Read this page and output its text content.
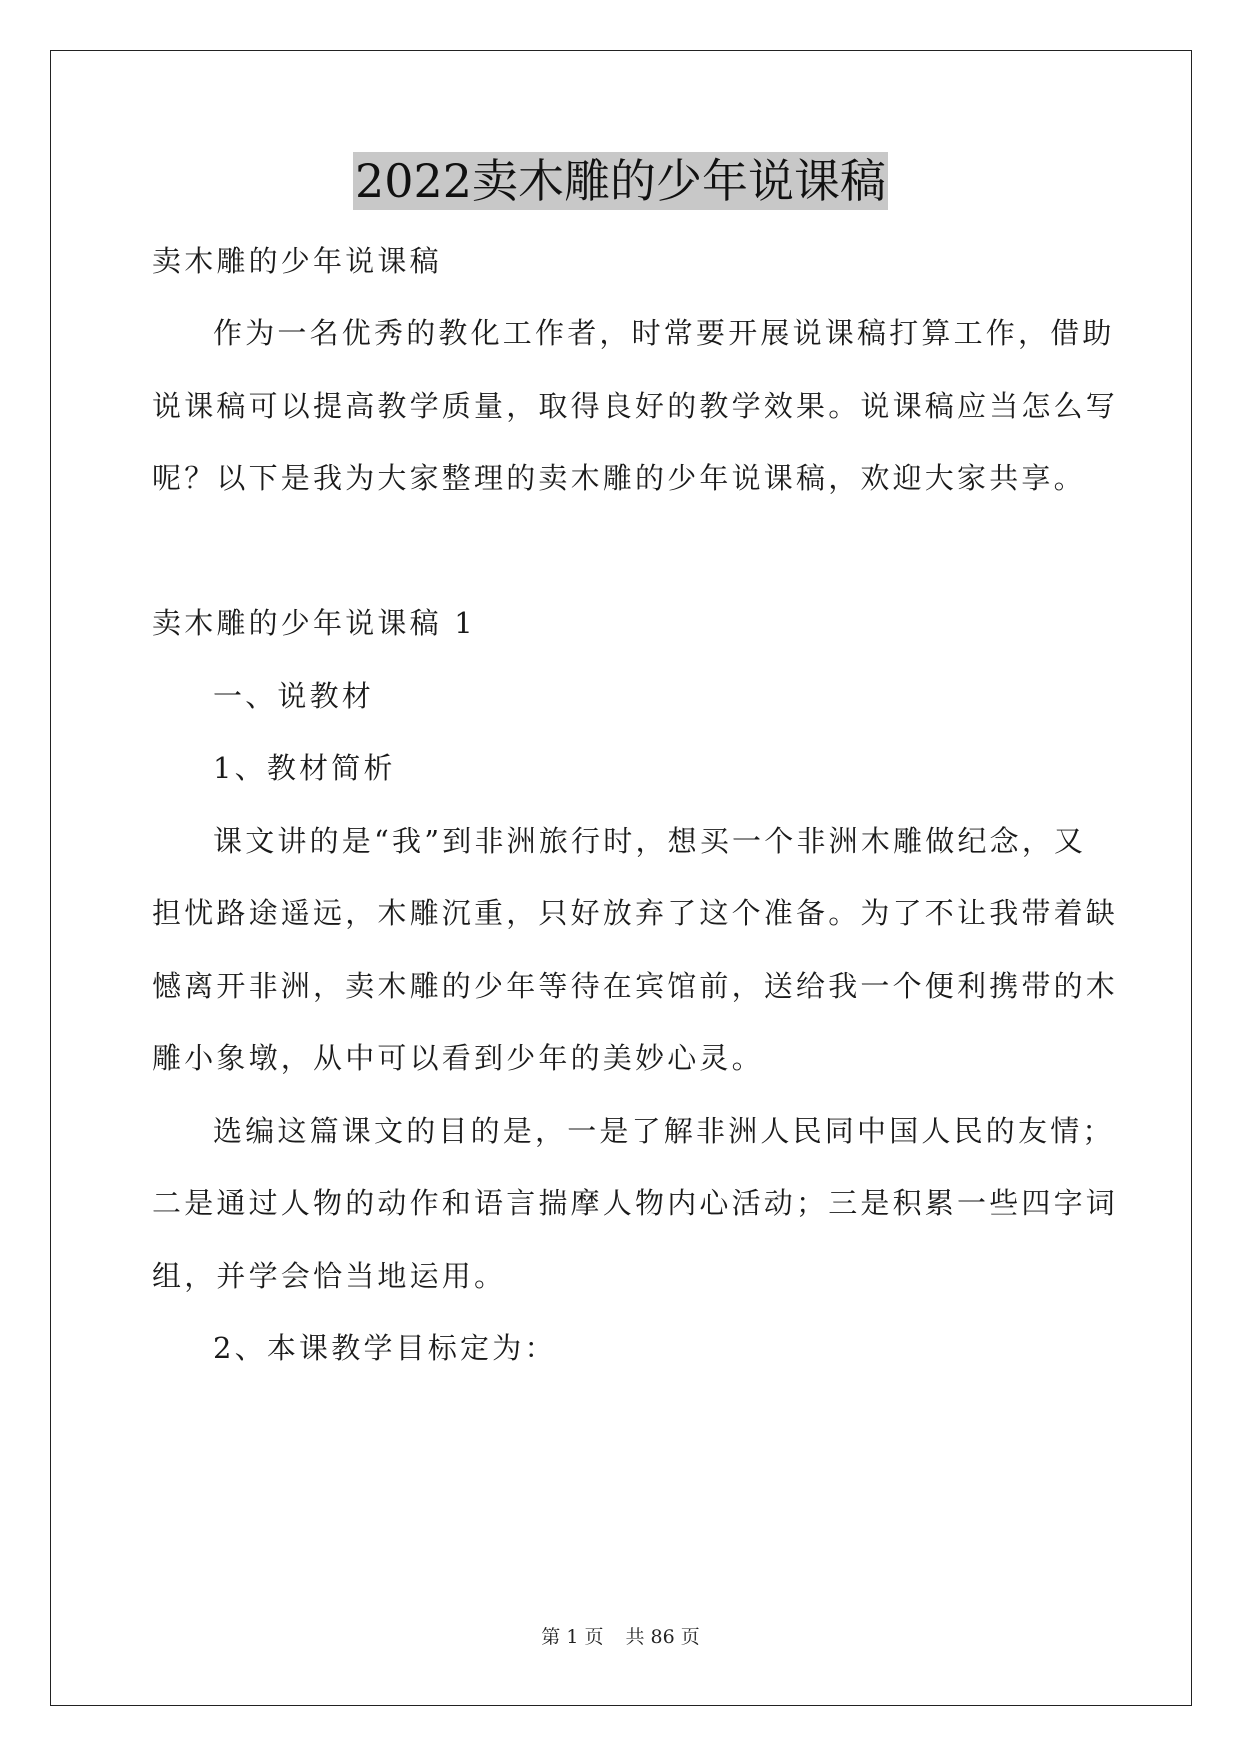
2022卖木雕的少年说课稿
卖木雕的少年说课稿
作为一名优秀的教化工作者，时常要开展说课稿打算工作，借助
说课稿可以提高教学质量，取得良好的教学效果。说课稿应当怎么写
呢？以下是我为大家整理的卖木雕的少年说课稿，欢迎大家共享。
卖木雕的少年说课稿 1
一、说教材
1、教材简析
课文讲的是“我”到非洲旅行时，想买一个非洲木雕做纪念，又
担忧路途遥远，木雕沉重，只好放弃了这个准备。为了不让我带着缺
憾离开非洲，卖木雕的少年等待在宾馆前，送给我一个便利携带的木
雕小象墩，从中可以看到少年的美妙心灵。
选编这篇课文的目的是，一是了解非洲人民同中国人民的友情；
二是通过人物的动作和语言揣摩人物内心活动；三是积累一些四字词
组，并学会恰当地运用。
2、本课教学目标定为：
第 1 页 共 86 页
